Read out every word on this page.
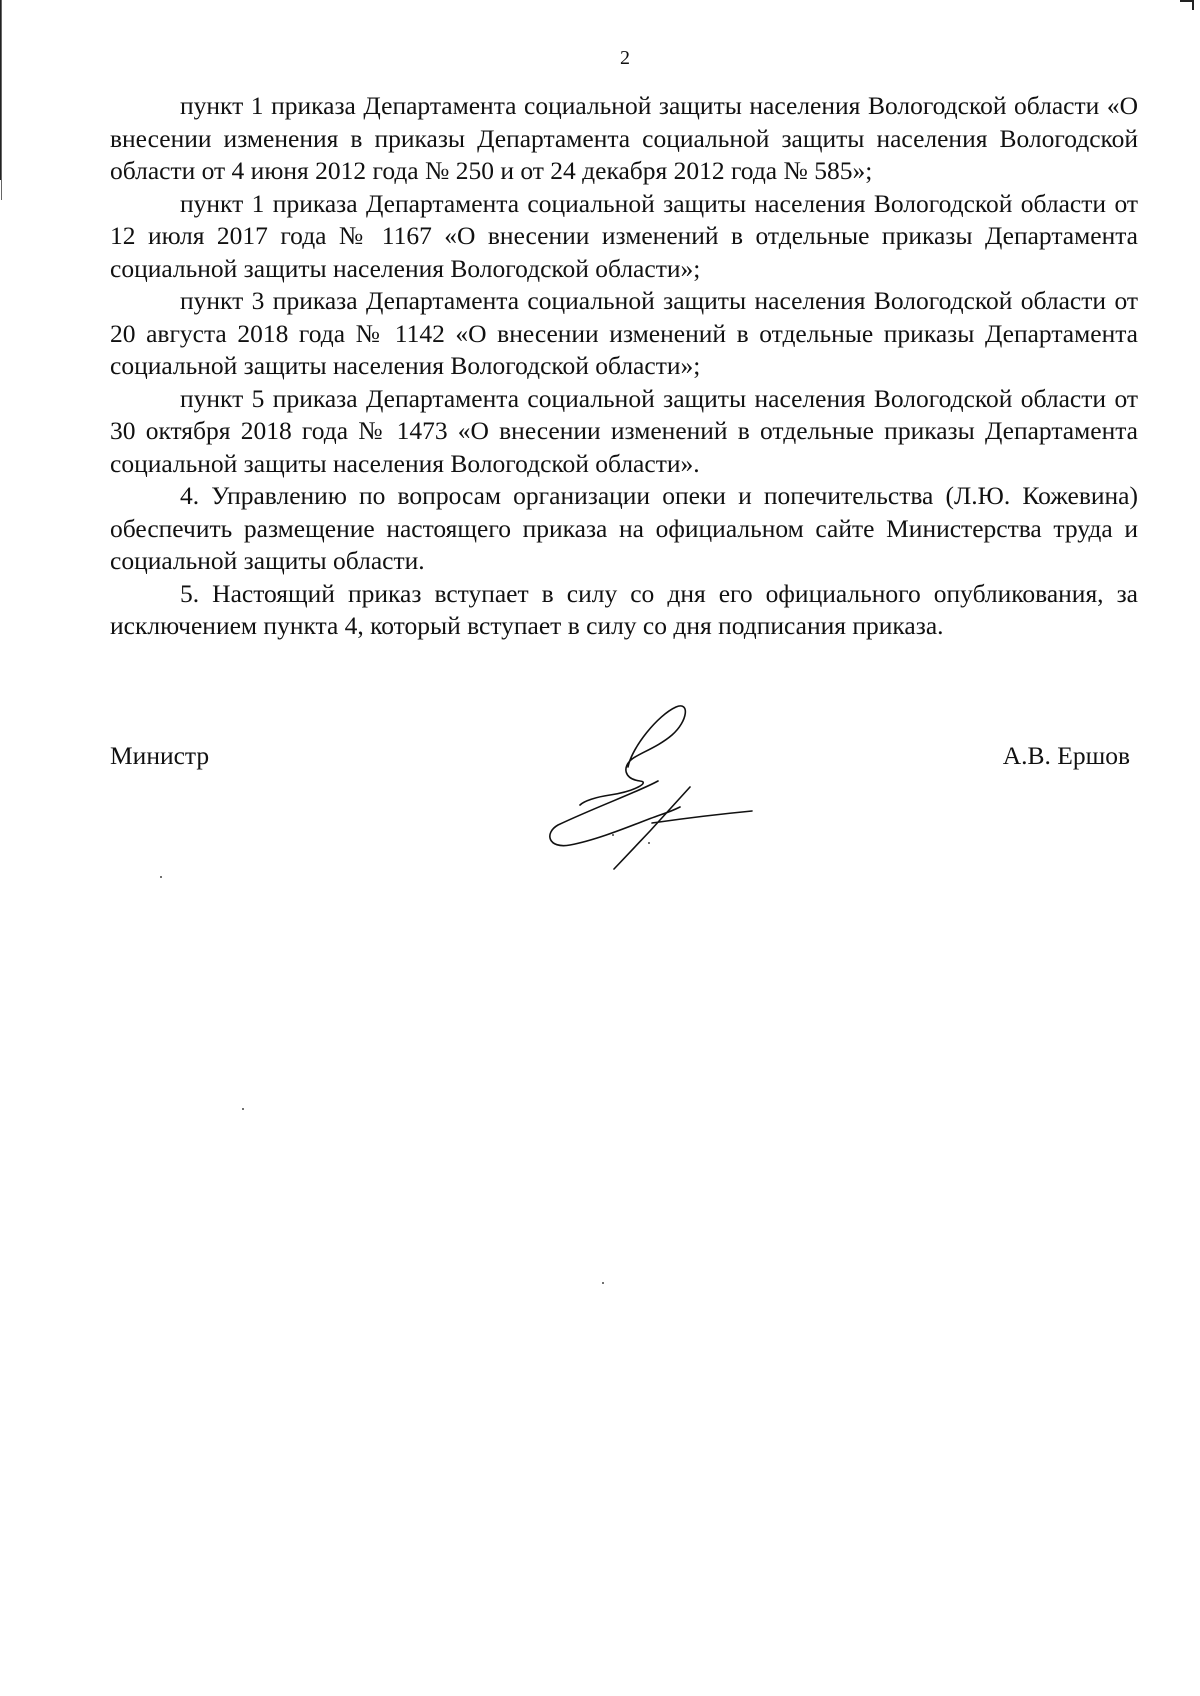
2

пункт 1 приказа Департамента социальной защиты населения Вологодской области «О внесении изменения в приказы Департамента социальной защиты населения Вологодской области от 4 июня 2012 года № 250 и от 24 декабря 2012 года № 585»;

пункт 1 приказа Департамента социальной защиты населения Вологодской области от 12 июля 2017 года № 1167 «О внесении изменений в отдельные приказы Департамента социальной защиты населения Вологодской области»;

пункт 3 приказа Департамента социальной защиты населения Вологодской области от 20 августа 2018 года № 1142 «О внесении изменений в отдельные приказы Департамента социальной защиты населения Вологодской области»;

пункт 5 приказа Департамента социальной защиты населения Вологодской области от 30 октября 2018 года № 1473 «О внесении изменений в отдельные приказы Департамента социальной защиты населения Вологодской области».

4. Управлению по вопросам организации опеки и попечительства (Л.Ю. Кожевина) обеспечить размещение настоящего приказа на официальном сайте Министерства труда и социальной защиты области.

5. Настоящий приказ вступает в силу со дня его официального опубликования, за исключением пункта 4, который вступает в силу со дня подписания приказа.

Министр	А.В. Ершов
